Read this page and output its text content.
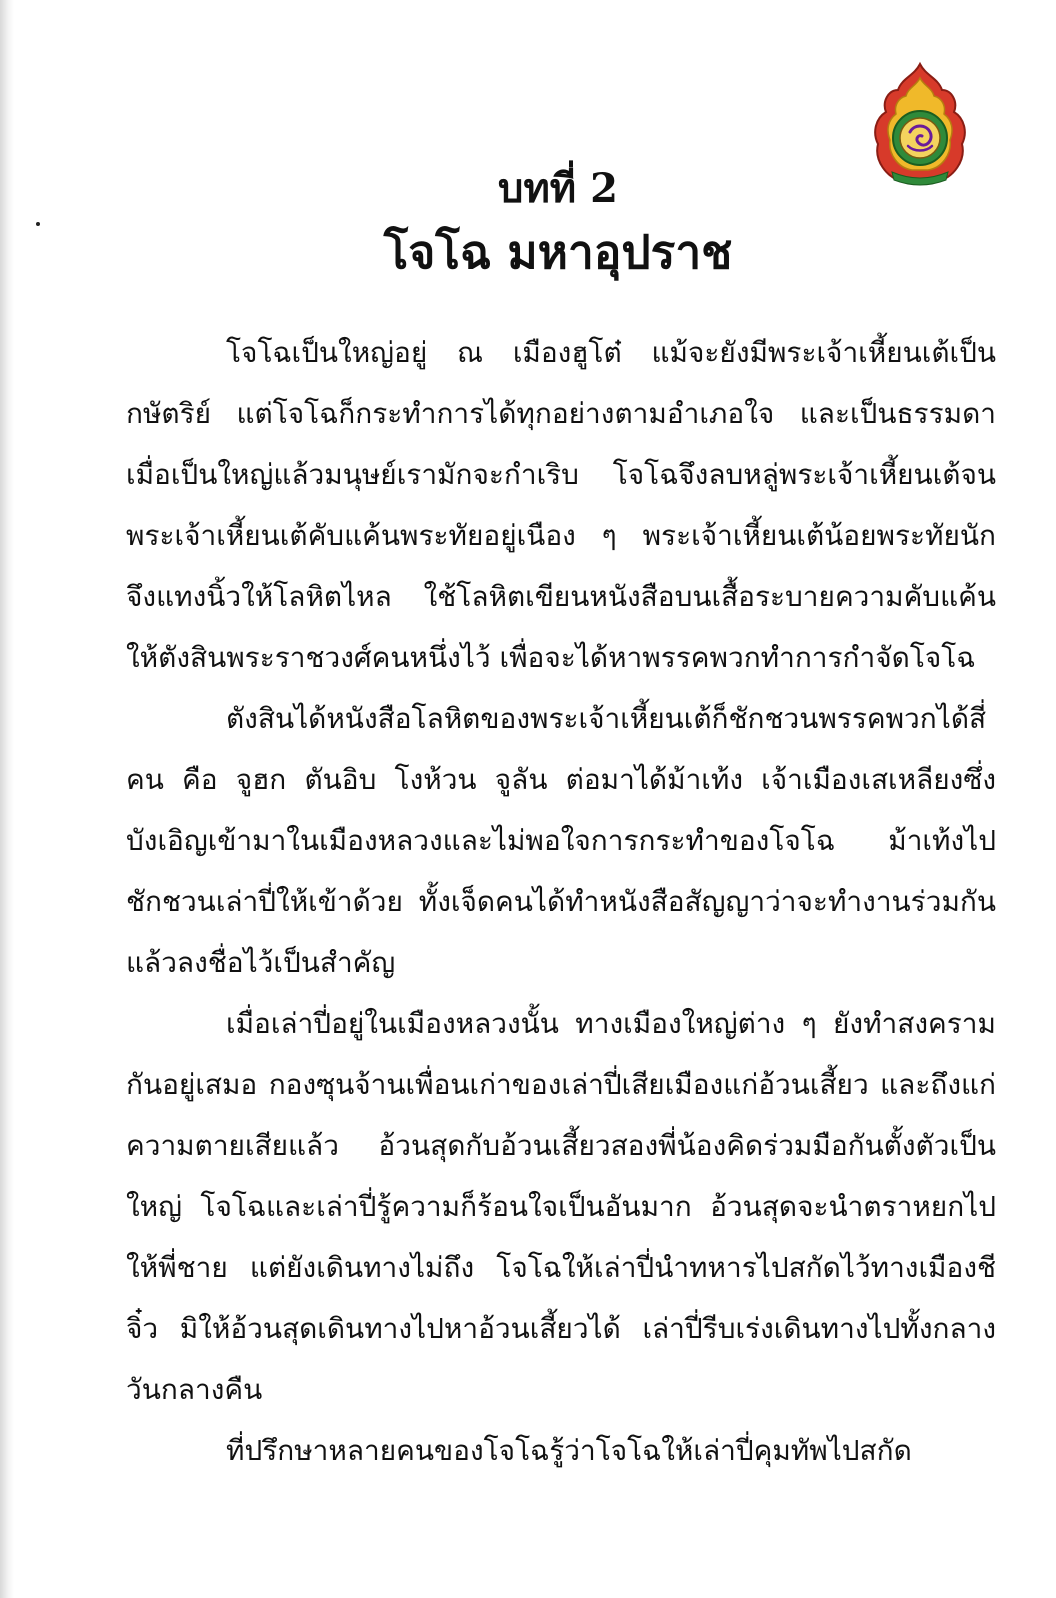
บทที่ 2
โจโฉ มหาอุปราช

โจโฉเป็นใหญ่อยู่ ณ เมืองฮูโต๋ แม้จะยังมีพระเจ้าเหี้ยนเต้เป็นกษัตริย์ แต่โจโฉก็กระทำการได้ทุกอย่างตามอำเภอใจ และเป็นธรรมดาเมื่อเป็นใหญ่แล้วมนุษย์เรามักจะกำเริบ โจโฉจึงลบหลู่พระเจ้าเหี้ยนเต้จนพระเจ้าเหี้ยนเต้คับแค้นพระทัยอยู่เนือง ๆ พระเจ้าเหี้ยนเต้น้อยพระทัยนัก จึงแทงนิ้วให้โลหิตไหล ใช้โลหิตเขียนหนังสือบนเสื้อระบายความคับแค้นให้ตังสินพระราชวงศ์คนหนึ่งไว้ เพื่อจะได้หาพรรคพวกทำการกำจัดโจโฉ

ตังสินได้หนังสือโลหิตของพระเจ้าเหี้ยนเต้ก็ชักชวนพรรคพวกได้สี่คน คือ จูฮก ตันอิบ โงห้วน จูลัน ต่อมาได้ม้าเท้ง เจ้าเมืองเสเหลียงซึ่งบังเอิญเข้ามาในเมืองหลวงและไม่พอใจการกระทำของโจโฉ ม้าเท้งไปชักชวนเล่าปี่ให้เข้าด้วย ทั้งเจ็ดคนได้ทำหนังสือสัญญาว่าจะทำงานร่วมกัน แล้วลงชื่อไว้เป็นสำคัญ

เมื่อเล่าปี่อยู่ในเมืองหลวงนั้น ทางเมืองใหญ่ต่าง ๆ ยังทำสงครามกันอยู่เสมอ กองซุนจ้านเพื่อนเก่าของเล่าปี่เสียเมืองแก่อ้วนเสี้ยว และถึงแก่ความตายเสียแล้ว อ้วนสุดกับอ้วนเสี้ยวสองพี่น้องคิดร่วมมือกันตั้งตัวเป็นใหญ่ โจโฉและเล่าปี่รู้ความก็ร้อนใจเป็นอันมาก อ้วนสุดจะนำตราหยกไปให้พี่ชาย แต่ยังเดินทางไม่ถึง โจโฉให้เล่าปี่นำทหารไปสกัดไว้ทางเมืองชีจิ๋ว มิให้อ้วนสุดเดินทางไปหาอ้วนเสี้ยวได้ เล่าปี่รีบเร่งเดินทางไปทั้งกลางวันกลางคืน

ที่ปรึกษาหลายคนของโจโฉรู้ว่าโจโฉให้เล่าปี่คุมทัพไปสกัด
